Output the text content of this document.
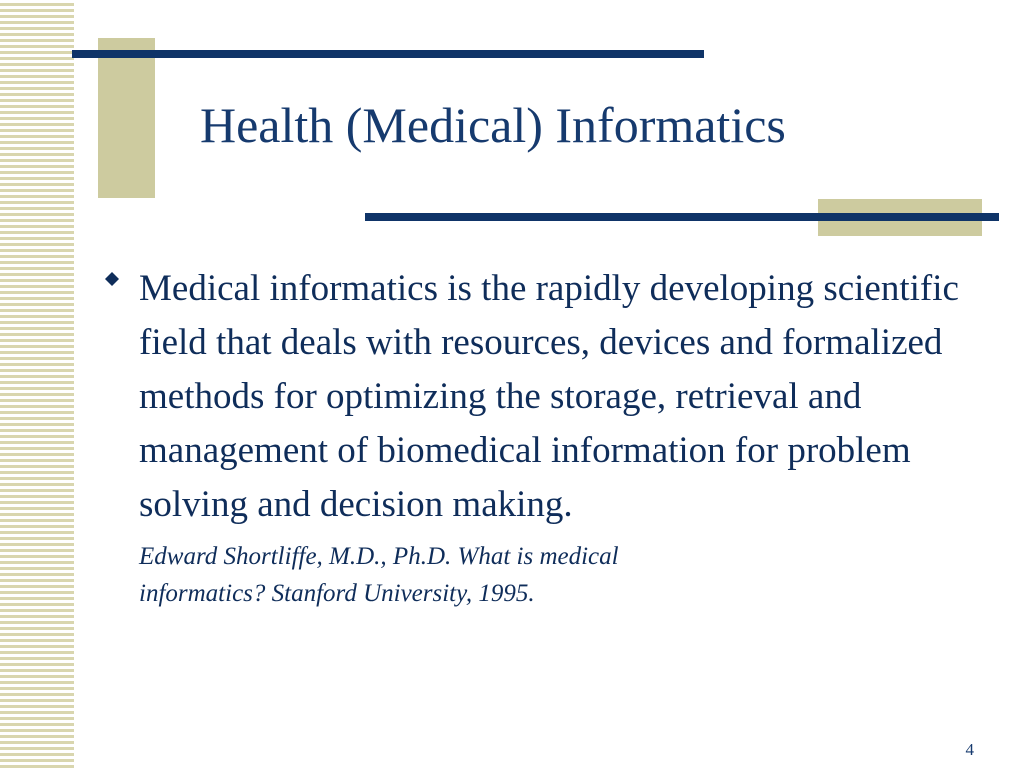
Health (Medical) Informatics

Medical informatics is the rapidly developing scientific field that deals with resources, devices and formalized methods for optimizing the storage, retrieval and management of biomedical information for problem solving and decision making.

Edward Shortliffe, M.D., Ph.D. What is medical
informatics? Stanford University, 1995.

4
